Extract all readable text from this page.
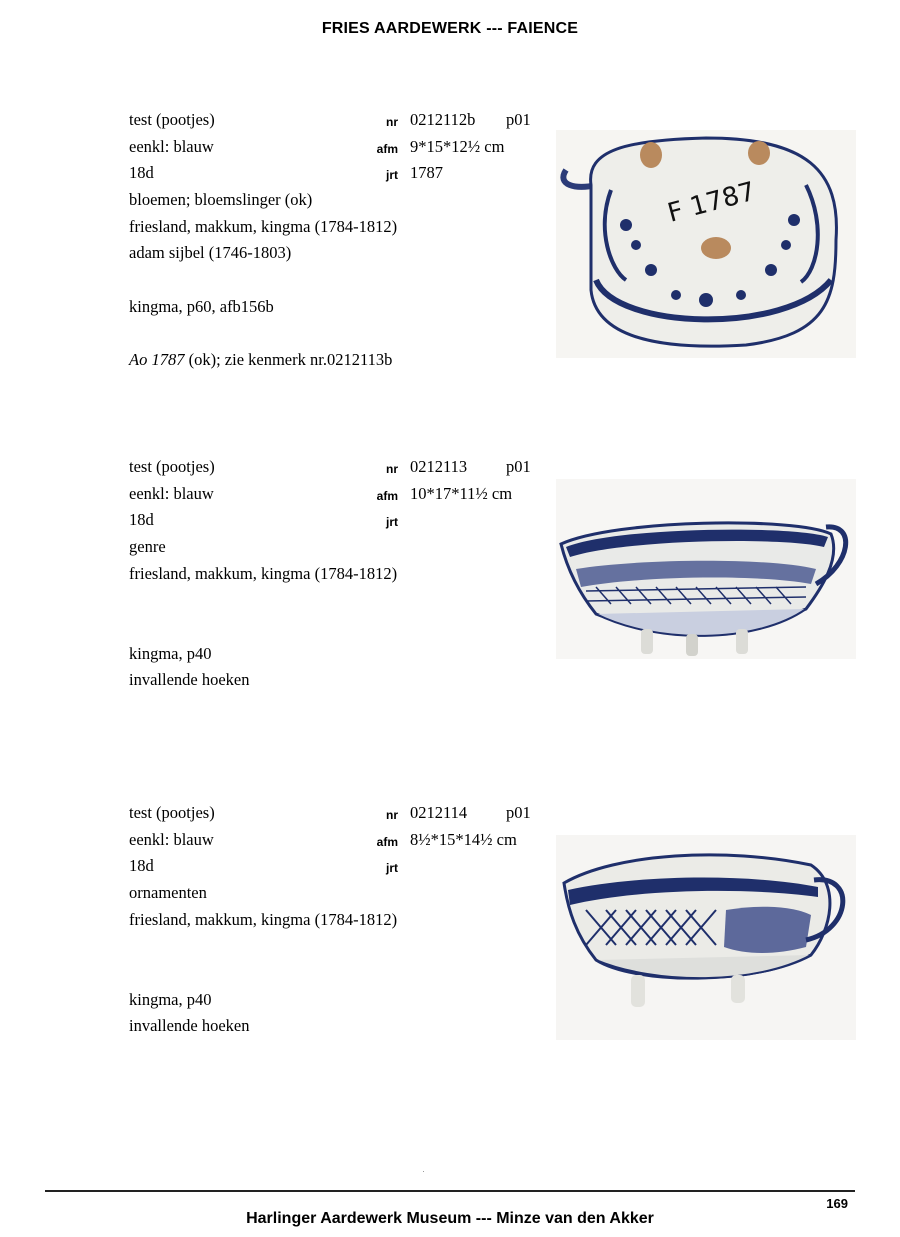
FRIES AARDEWERK --- FAIENCE
test (pootjes)	nr 0212112b p01
eenkl: blauw	afm 9*15*12½ cm
18d	jrt 1787
bloemen; bloemslinger (ok)
friesland, makkum, kingma (1784-1812)
adam sijbel (1746-1803)
kingma, p60, afb156b
Ao 1787 (ok); zie kenmerk nr.0212113b
F 1787
test (pootjes)	nr 0212113 p01
eenkl: blauw	afm 10*17*11½ cm
18d	jrt
genre
friesland, makkum, kingma (1784-1812)
kingma, p40
invallende hoeken
test (pootjes)	nr 0212114 p01
eenkl: blauw	afm 8½*15*14½ cm
18d	jrt
ornamenten
friesland, makkum, kingma (1784-1812)
kingma, p40
invallende hoeken
169
Harlinger Aardewerk Museum --- Minze van den Akker
